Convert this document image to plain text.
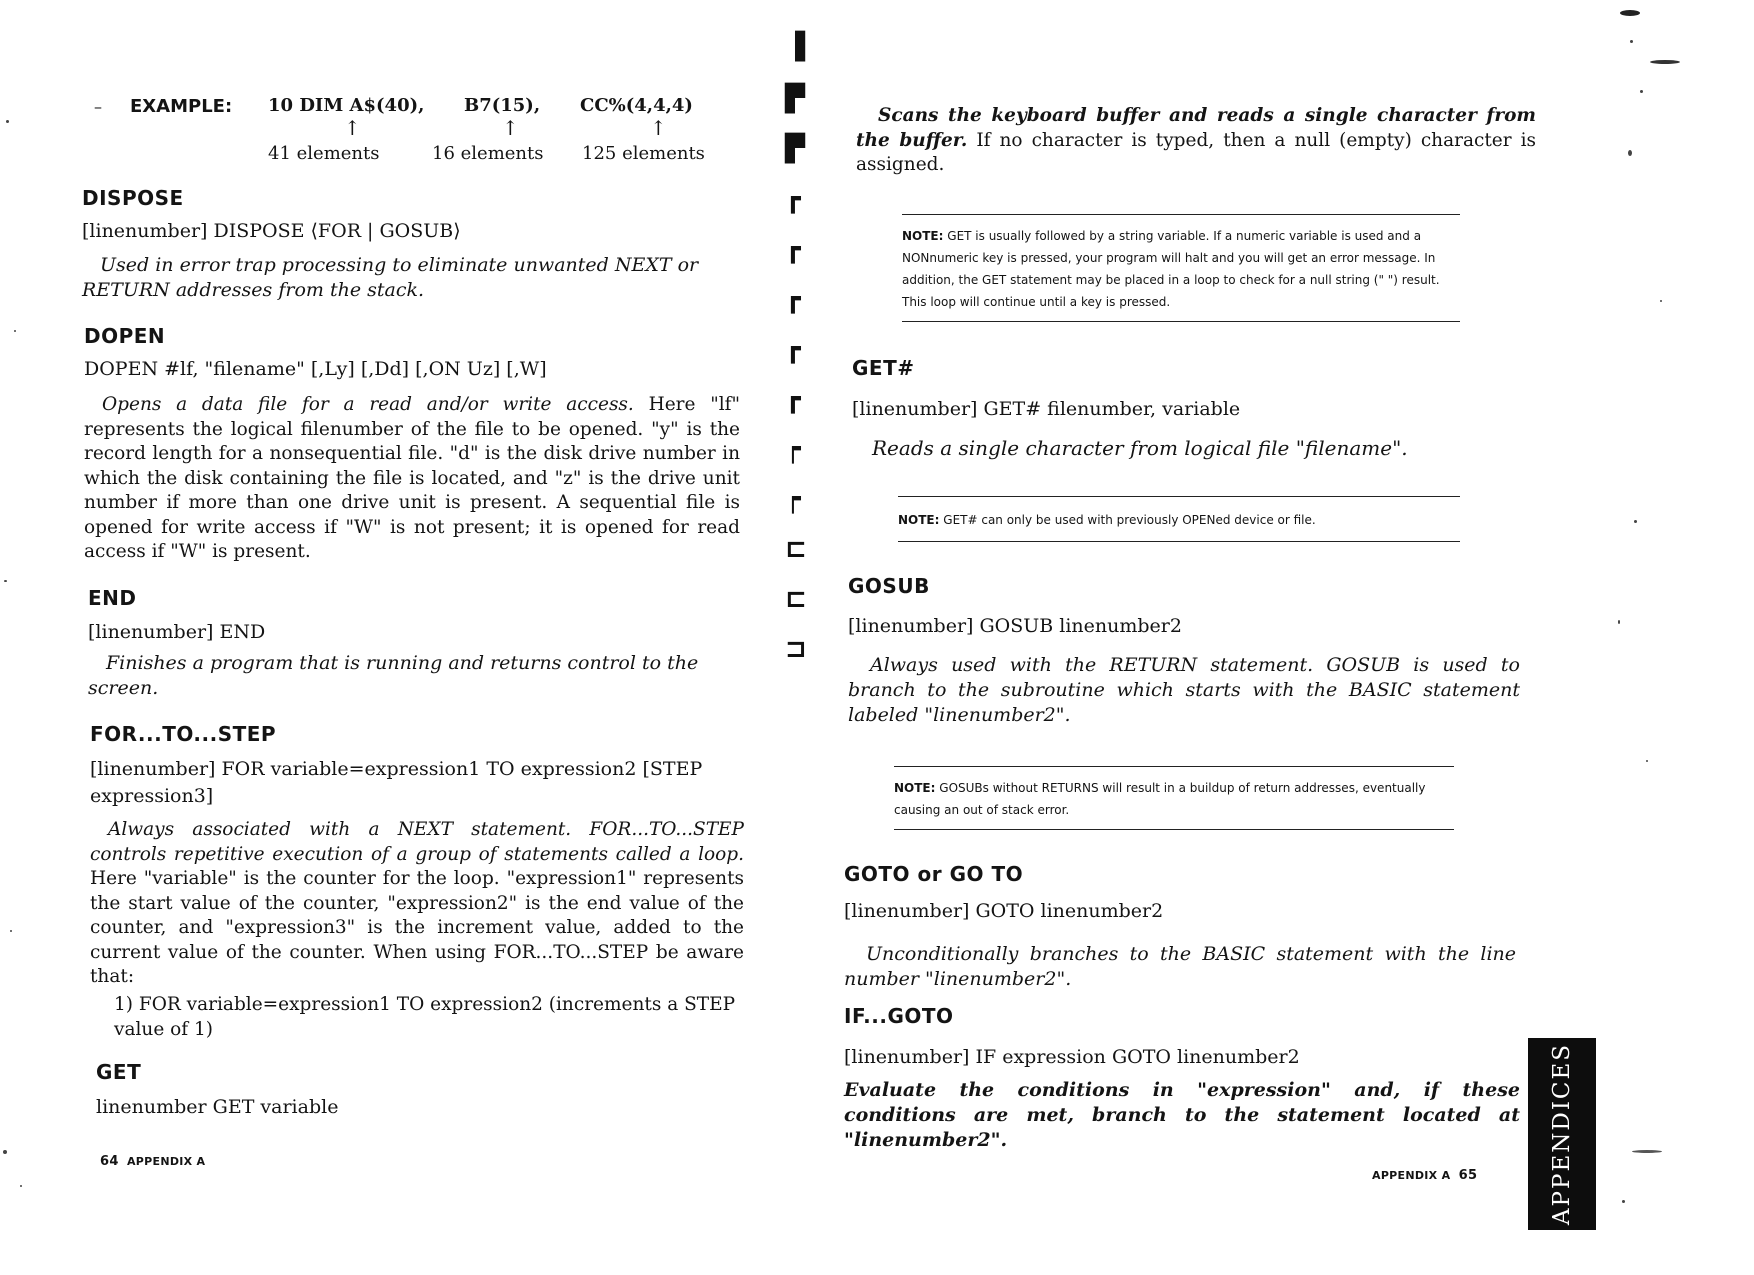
▐
▛
▛
┏
┏
┏
┏
┏
┍
┍
⊏
⊏
⊐
– EXAMPLE: 10 DIM A$(40), B7(15), CC%(4,4,4)
↑	↑	↑
41 elements	16 elements 125 elements
DISPOSE
[linenumber] DISPOSE ⟨FOR | GOSUB⟩
Used in error trap processing to eliminate unwanted NEXT or RETURN addresses from the stack.
DOPEN
DOPEN #lf, "filename" [,Ly] [,Dd] [,ON Uz] [,W]
Opens a data file for a read and/or write access. Here "lf" represents the logical filenumber of the file to be opened. "y" is the record length for a nonsequential file. "d" is the disk drive number in which the disk containing the file is located, and "z" is the drive unit number if more than one drive unit is present. A sequential file is opened for write access if "W" is not present; it is opened for read access if "W" is present.
END
[linenumber] END
Finishes a program that is running and returns control to the screen.
FOR...TO...STEP
[linenumber] FOR variable=expression1 TO expression2 [STEP
expression3]
Always associated with a NEXT statement. FOR...TO...STEP controls repetitive execution of a group of statements called a loop. Here "variable" is the counter for the loop. "expression1" represents the start value of the counter, "expression2" is the end value of the counter, and "expression3" is the increment value, added to the current value of the counter. When using FOR...TO...STEP be aware that:
1) FOR variable=expression1 TO expression2 (increments a STEP value of 1)
GET
linenumber GET variable
64 APPENDIX A
Scans the keyboard buffer and reads a single character from the buffer. If no character is typed, then a null (empty) character is assigned.
NOTE: GET is usually followed by a string variable. If a numeric variable is used and a NONnumeric key is pressed, your program will halt and you will get an error message. In addition, the GET statement may be placed in a loop to check for a null string (" ") result. This loop will continue until a key is pressed.
GET#
[linenumber] GET# filenumber, variable
Reads a single character from logical file "filename".
NOTE: GET# can only be used with previously OPENed device or file.
GOSUB
[linenumber] GOSUB linenumber2
Always used with the RETURN statement. GOSUB is used to branch to the subroutine which starts with the BASIC statement labeled "linenumber2".
NOTE: GOSUBs without RETURNS will result in a buildup of return addresses, eventually causing an out of stack error.
GOTO or GO TO
[linenumber] GOTO linenumber2
Unconditionally branches to the BASIC statement with the line number "linenumber2".
IF...GOTO
[linenumber] IF expression GOTO linenumber2
Evaluate the conditions in "expression" and, if these conditions are met, branch to the statement located at "linenumber2".
APPENDIX A 65	APPENDICES
